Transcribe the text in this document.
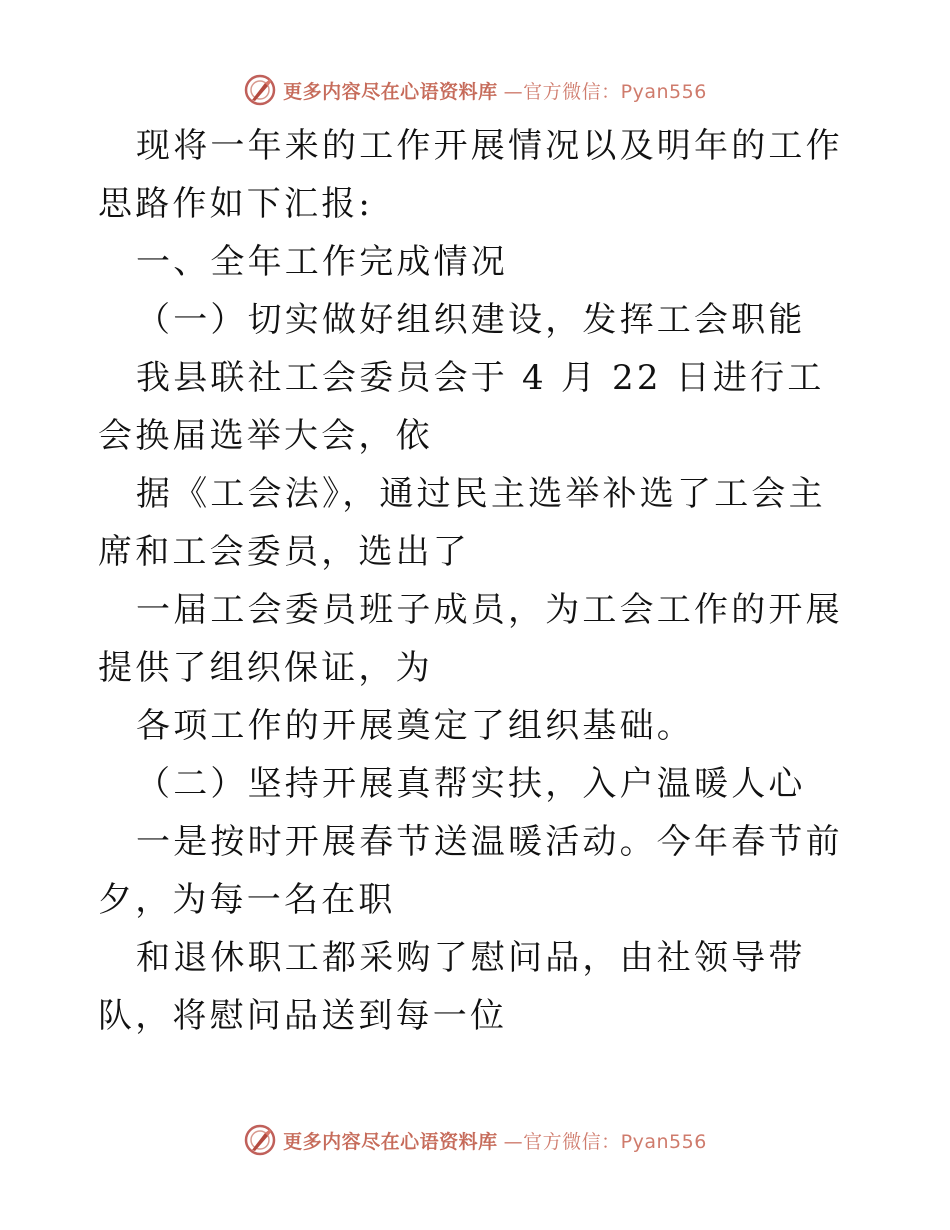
更多内容尽在心语资料库 —官方微信：Pyan556

现将一年来的工作开展情况以及明年的工作思路作如下汇报:

一、全年工作完成情况

（一）切实做好组织建设，发挥工会职能

我县联社工会委员会于 4 月 22 日进行工会换届选举大会，依

据《工会法》，通过民主选举补选了工会主席和工会委员，选出了

一届工会委员班子成员，为工会工作的开展提供了组织保证，为

各项工作的开展奠定了组织基础。

（二）坚持开展真帮实扶，入户温暖人心

一是按时开展春节送温暖活动。今年春节前夕，为每一名在职

和退休职工都采购了慰问品，由社领导带队，将慰问品送到每一位

更多内容尽在心语资料库 —官方微信：Pyan556
